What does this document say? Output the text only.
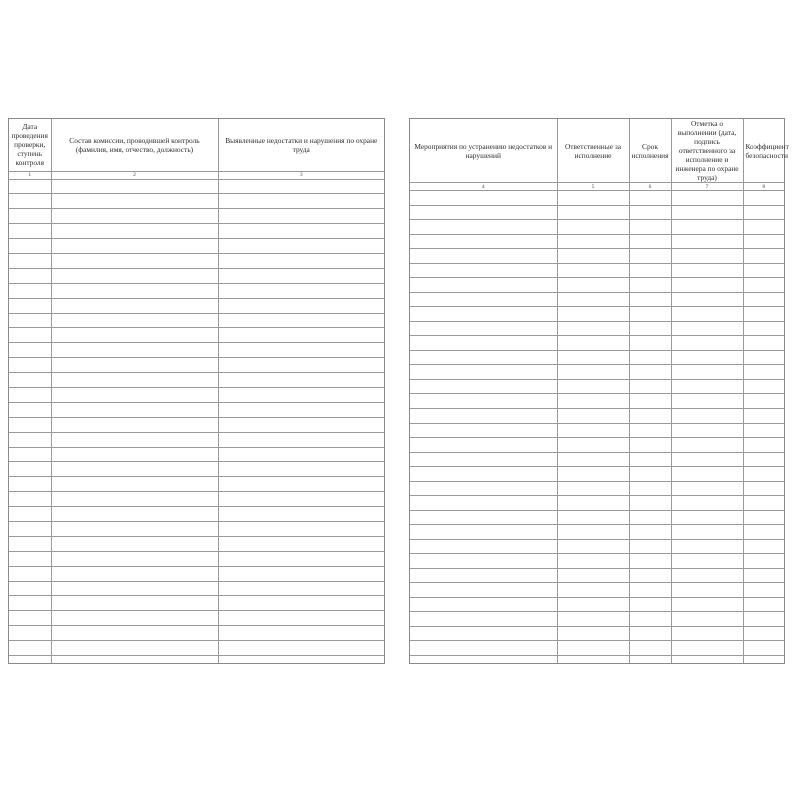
Дата проведения проверки, ступень контроля	Состав комиссии, проводившей контроль (фамилия, имя, отчество, должность)	Выявленные недостатки и нарушения по охране труда
1	2	3

Мероприятия по устранению недостатков и нарушений	Ответственные за исполнение	Срок исполнения	Отметка о выполнении (дата, подпись ответственного за исполнение и инженера по охране труда)	Коэффициент безопасности
4	5	6	7	8
